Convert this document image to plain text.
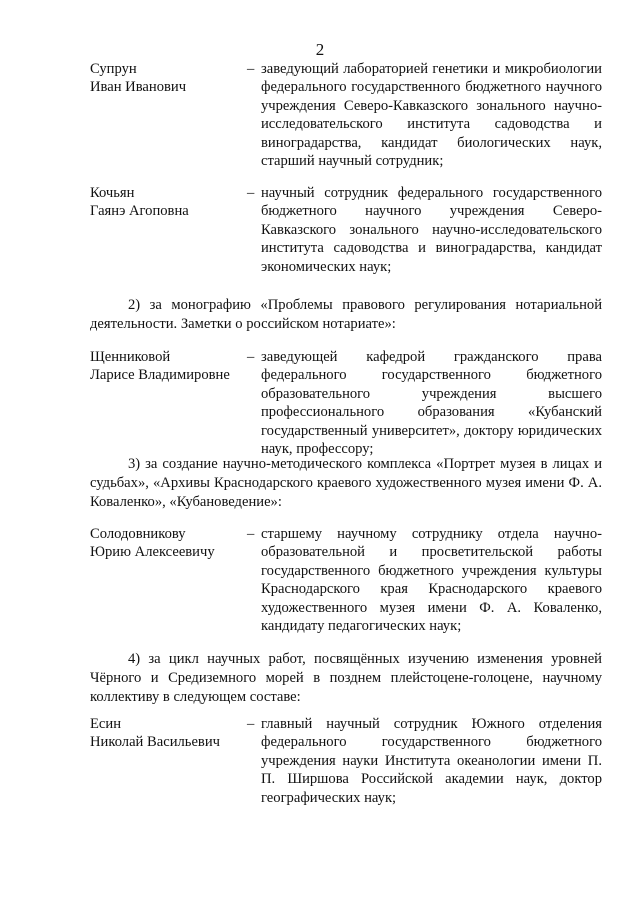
2
Супрун
Иван Иванович
– заведующий лабораторией генетики и микробиологии федерального государственного бюджетного научного учреждения Северо-Кавказского зонального научно-исследовательского института садоводства и виноградарства, кандидат биологических наук, старший научный сотрудник;
Кочьян
Гаянэ Агоповна
– научный сотрудник федерального государственного бюджетного научного учреждения Северо-Кавказского зонального научно-исследовательского института садоводства и виноградарства, кандидат экономических наук;
2) за монографию «Проблемы правового регулирования нотариальной деятельности. Заметки о российском нотариате»:
Щенниковой
Ларисе Владимировне
– заведующей кафедрой гражданского права федерального государственного бюджетного образовательного учреждения высшего профессионального образования «Кубанский государственный университет», доктору юридических наук, профессору;
3) за создание научно-методического комплекса «Портрет музея в лицах и судьбах», «Архивы Краснодарского краевого художественного музея имени Ф. А. Коваленко», «Кубановедение»:
Солодовникову
Юрию Алексеевичу
– старшему научному сотруднику отдела научно-образовательной и просветительской работы государственного бюджетного учреждения культуры Краснодарского края Краснодарского краевого художественного музея имени Ф. А. Коваленко, кандидату педагогических наук;
4) за цикл научных работ, посвящённых изучению изменения уровней Чёрного и Средиземного морей в позднем плейстоцене-голоцене, научному коллективу в следующем составе:
Есин
Николай Васильевич
– главный научный сотрудник Южного отделения федерального государственного бюджетного учреждения науки Института океанологии имени П. П. Ширшова Российской академии наук, доктор географических наук;
